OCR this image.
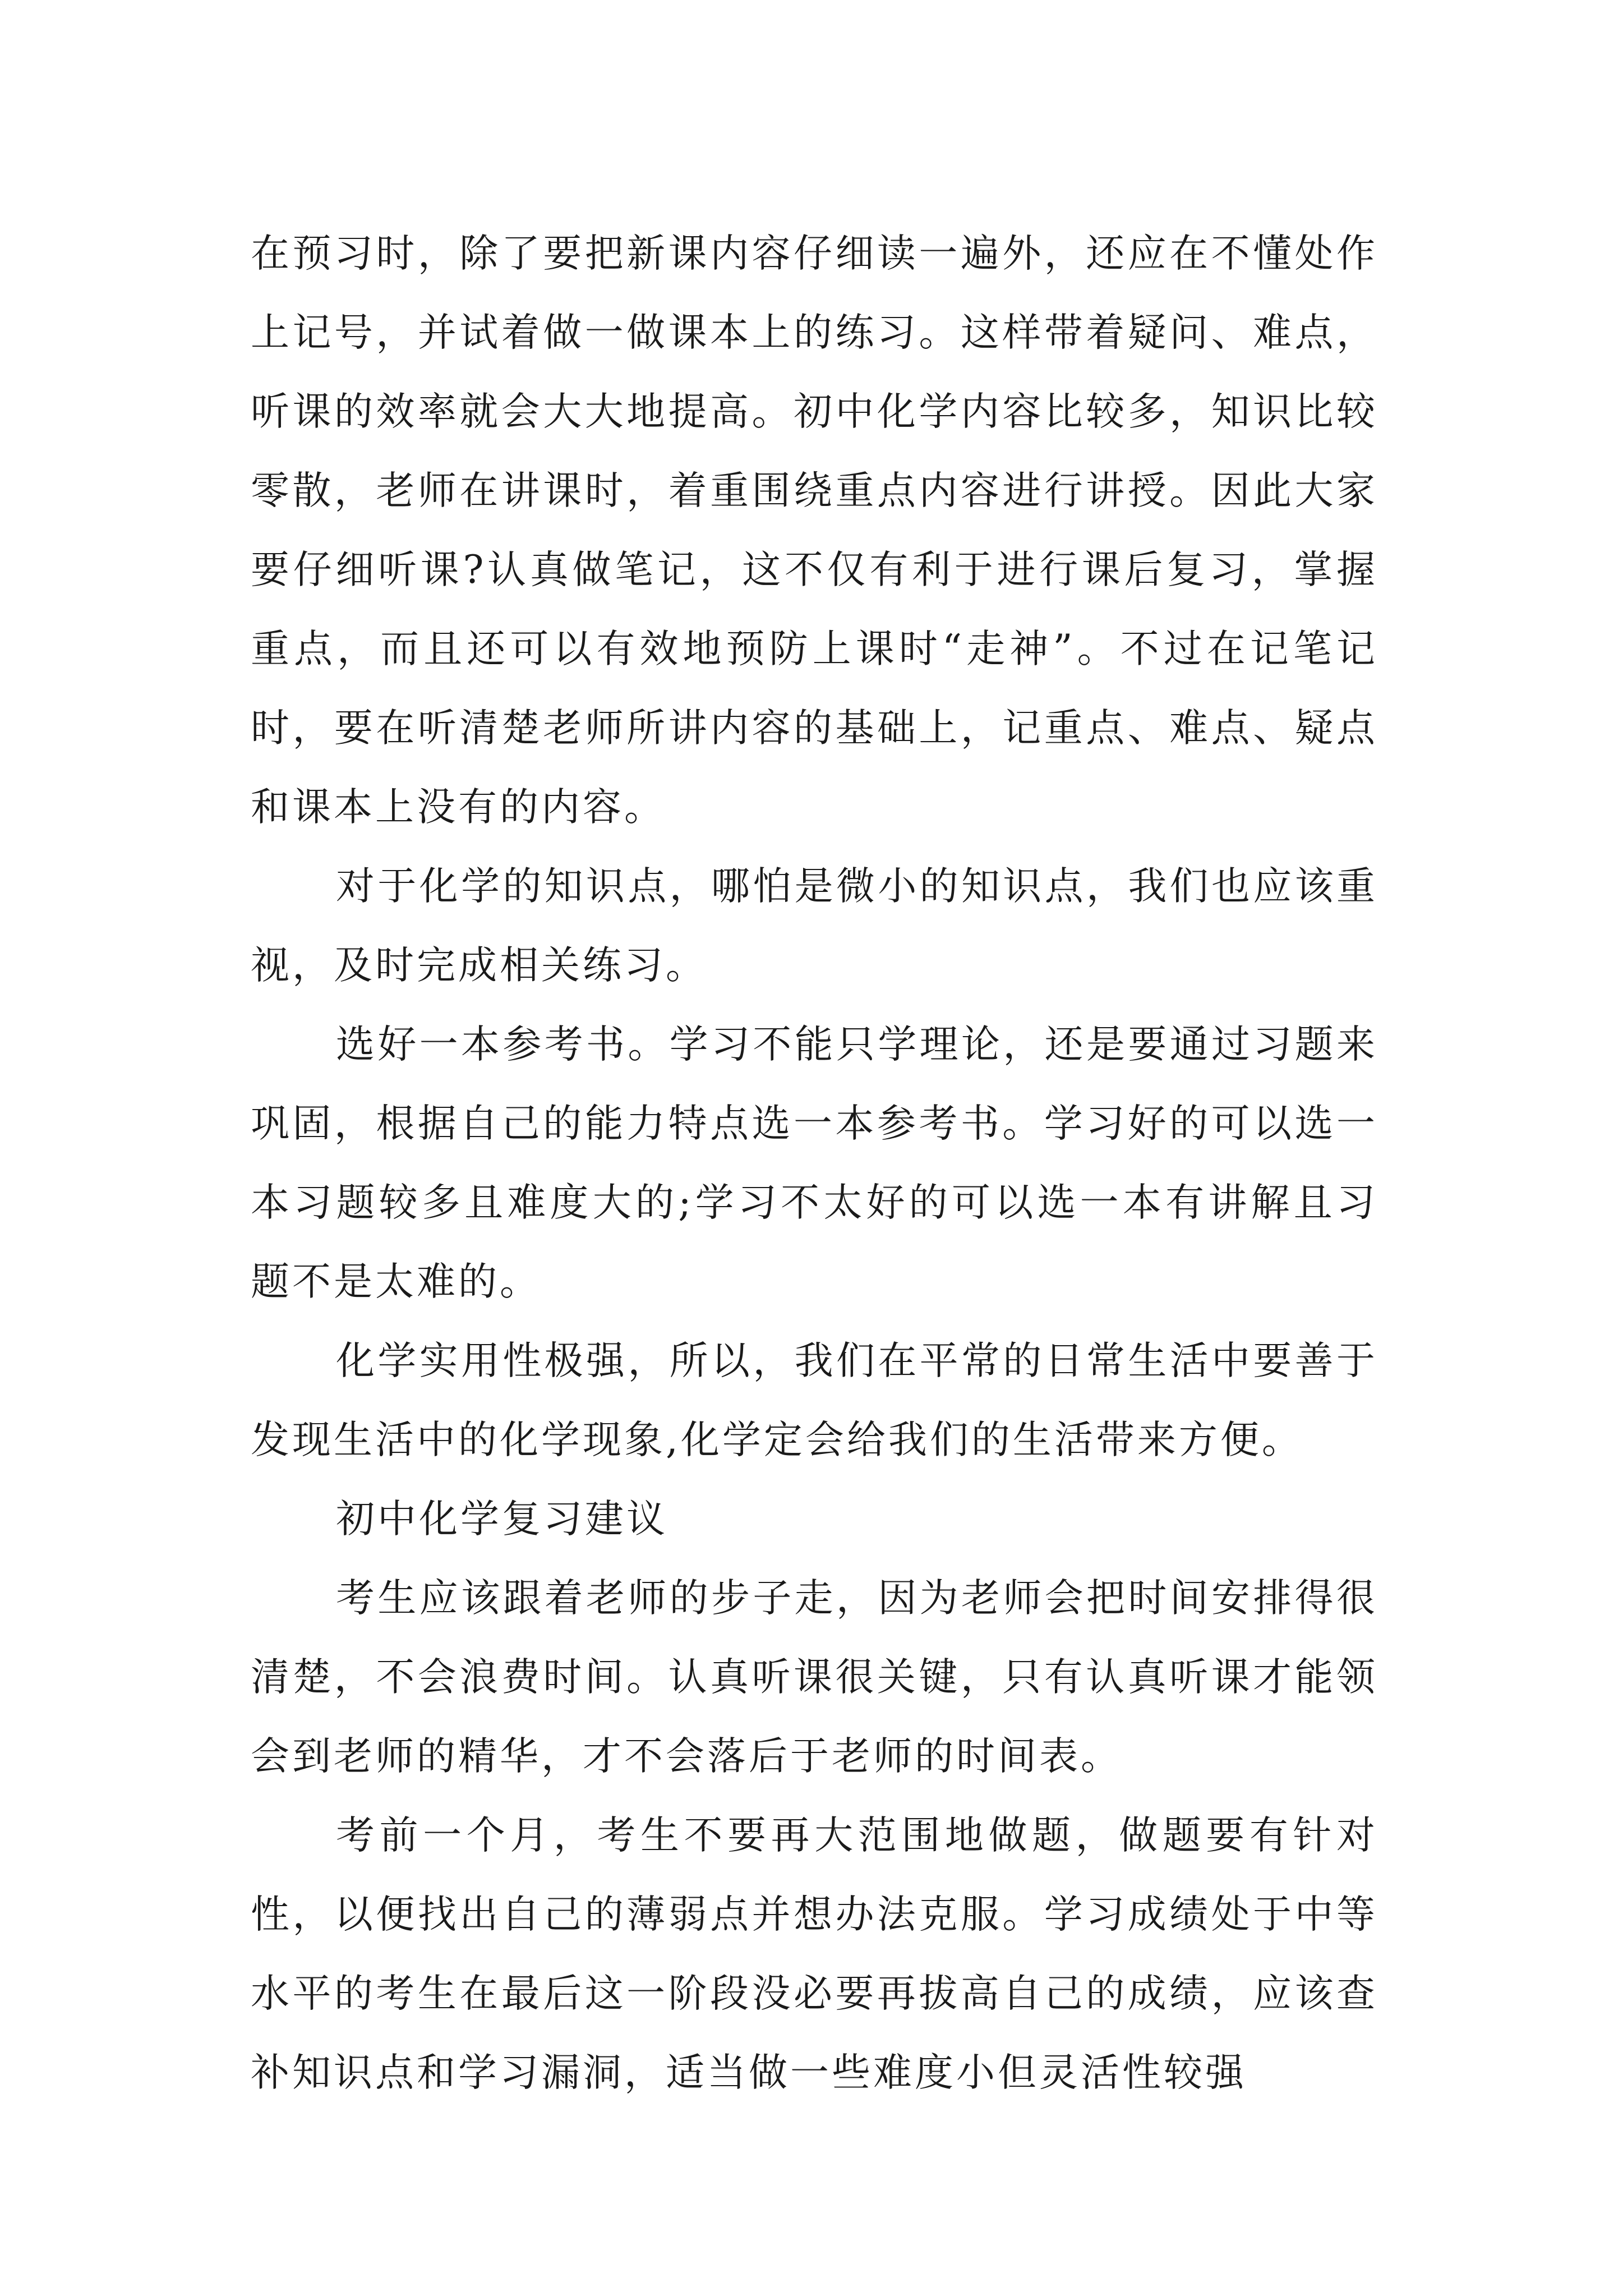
在预习时，除了要把新课内容仔细读一遍外，还应在不懂处作上记号，并试着做一做课本上的练习。这样带着疑问、难点，听课的效率就会大大地提高。初中化学内容比较多，知识比较零散，老师在讲课时，着重围绕重点内容进行讲授。因此大家要仔细听课?认真做笔记，这不仅有利于进行课后复习，掌握重点，而且还可以有效地预防上课时“走神”。不过在记笔记时，要在听清楚老师所讲内容的基础上，记重点、难点、疑点和课本上没有的内容。

对于化学的知识点，哪怕是微小的知识点，我们也应该重视，及时完成相关练习。

选好一本参考书。学习不能只学理论，还是要通过习题来巩固，根据自己的能力特点选一本参考书。学习好的可以选一本习题较多且难度大的;学习不太好的可以选一本有讲解且习题不是太难的。

化学实用性极强，所以，我们在平常的日常生活中要善于发现生活中的化学现象,化学定会给我们的生活带来方便。

初中化学复习建议

考生应该跟着老师的步子走，因为老师会把时间安排得很清楚，不会浪费时间。认真听课很关键，只有认真听课才能领会到老师的精华，才不会落后于老师的时间表。

考前一个月，考生不要再大范围地做题，做题要有针对性，以便找出自己的薄弱点并想办法克服。学习成绩处于中等水平的考生在最后这一阶段没必要再拔高自己的成绩，应该查补知识点和学习漏洞，适当做一些难度小但灵活性较强
